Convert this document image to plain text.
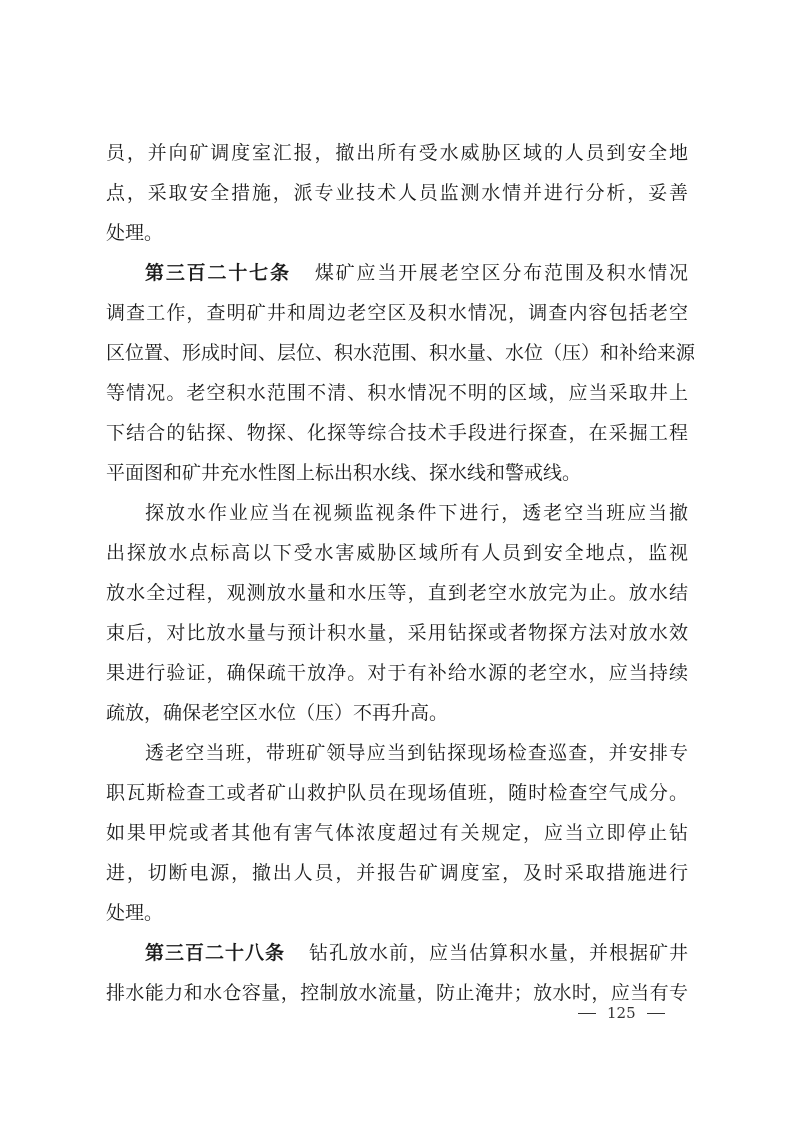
员，并向矿调度室汇报，撤出所有受水威胁区域的人员到安全地
点，采取安全措施，派专业技术人员监测水情并进行分析，妥善
处理。
第三百二十七条 煤矿应当开展老空区分布范围及积水情况
调查工作，查明矿井和周边老空区及积水情况，调查内容包括老空
区位置、形成时间、层位、积水范围、积水量、水位（压）和补给来源
等情况。老空积水范围不清、积水情况不明的区域，应当采取井上
下结合的钻探、物探、化探等综合技术手段进行探查，在采掘工程
平面图和矿井充水性图上标出积水线、探水线和警戒线。
探放水作业应当在视频监视条件下进行，透老空当班应当撤
出探放水点标高以下受水害威胁区域所有人员到安全地点，监视
放水全过程，观测放水量和水压等，直到老空水放完为止。放水结
束后，对比放水量与预计积水量，采用钻探或者物探方法对放水效
果进行验证，确保疏干放净。对于有补给水源的老空水，应当持续
疏放，确保老空区水位（压）不再升高。
透老空当班，带班矿领导应当到钻探现场检查巡查，并安排专
职瓦斯检查工或者矿山救护队员在现场值班，随时检查空气成分。
如果甲烷或者其他有害气体浓度超过有关规定，应当立即停止钻
进，切断电源，撤出人员，并报告矿调度室，及时采取措施进行
处理。
第三百二十八条 钻孔放水前，应当估算积水量，并根据矿井
排水能力和水仓容量，控制放水流量，防止淹井；放水时，应当有专
125
